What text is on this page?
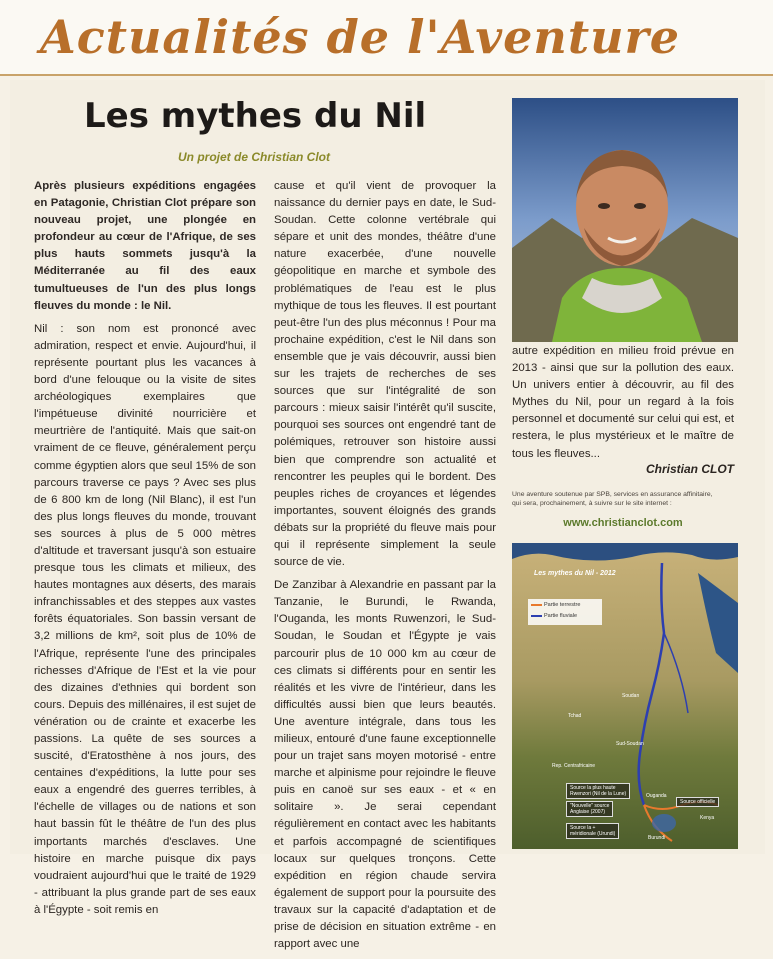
Actualités de l'Aventure
Les mythes du Nil
Un projet de Christian Clot

Après plusieurs expéditions engagées en Patagonie, Christian Clot prépare son nouveau projet, une plongée en profondeur au cœur de l'Afrique, de ses plus hauts sommets jusqu'à la Méditerranée au fil des eaux tumultueuses de l'un des plus longs fleuves du monde : le Nil.

Nil : son nom est prononcé avec admiration, respect et envie. Aujourd'hui, il représente pourtant plus les vacances à bord d'une felouque ou la visite de sites archéologiques exemplaires que l'impétueuse divinité nourricière et meurtrière de l'antiquité. Mais que sait-on vraiment de ce fleuve, généralement perçu comme égyptien alors que seul 15% de son parcours traverse ce pays ? Avec ses plus de 6 800 km de long (Nil Blanc), il est l'un des plus longs fleuves du monde, trouvant ses sources à plus de 5 000 mètres d'altitude et traversant jusqu'à son estuaire presque tous les climats et milieux, des hautes montagnes aux déserts, des marais infranchissables et des steppes aux vastes forêts équatoriales. Son bassin versant de 3,2 millions de km², soit plus de 10% de l'Afrique, représente l'une des principales richesses d'Afrique de l'Est et la vie pour des dizaines d'ethnies qui bordent son cours. Depuis des millénaires, il est sujet de vénération ou de crainte et exacerbe les passions. La quête de ses sources a suscité, d'Eratosthène à nos jours, des centaines d'expéditions, la lutte pour ses eaux a engendré des guerres terribles, à l'échelle de villages ou de nations et son haut bassin fût le théâtre de l'un des plus importants marchés d'esclaves. Une histoire en marche puisque dix pays voudraient aujourd'hui que le traité de 1929 - attribuant la plus grande part de ses eaux à l'Égypte - soit remis en

cause et qu'il vient de provoquer la naissance du dernier pays en date, le Sud-Soudan. Cette colonne vertébrale qui sépare et unit des mondes, théâtre d'une nature exacerbée, d'une nouvelle géopolitique en marche et symbole des problématiques de l'eau est le plus mythique de tous les fleuves. Il est pourtant peut-être l'un des plus méconnus ! Pour ma prochaine expédition, c'est le Nil dans son ensemble que je vais découvrir, aussi bien sur les trajets de recherches de ses sources que sur l'intégralité de son parcours : mieux saisir l'intérêt qu'il suscite, pourquoi ses sources ont engendré tant de polémiques, retrouver son histoire aussi bien que comprendre son actualité et rencontrer les peuples qui le bordent. Des peuples riches de croyances et légendes importantes, souvent éloignés des grands débats sur la propriété du fleuve mais pour qui il représente simplement la seule source de vie.

De Zanzibar à Alexandrie en passant par la Tanzanie, le Burundi, le Rwanda, l'Ouganda, les monts Ruwenzori, le Sud-Soudan, le Soudan et l'Égypte je vais parcourir plus de 10 000 km au cœur de ces climats si différents pour en sentir les réalités et les vivre de l'intérieur, dans les difficultés aussi bien que leurs beautés. Une aventure intégrale, dans tous les milieux, entouré d'une faune exceptionnelle pour un trajet sans moyen motorisé - entre marche et alpinisme pour rejoindre le fleuve puis en canoë sur ses eaux - et « en solitaire ». Je serai cependant régulièrement en contact avec les habitants et parfois accompagné de scientifiques locaux sur quelques tronçons. Cette expédition en région chaude servira également de support pour la poursuite des travaux sur la capacité d'adaptation et de prise de décision en situation extrême - en rapport avec une

autre expédition en milieu froid prévue en 2013 - ainsi que sur la pollution des eaux. Un univers entier à découvrir, au fil des Mythes du Nil, pour un regard à la fois personnel et documenté sur celui qui est, et restera, le plus mystérieux et le maître de tous les fleuves...

Christian CLOT
Une aventure soutenue par SPB, services en assurance affinitaire,
qui sera, prochainement, à suivre sur le site internet :
www.christianclot.com
Les mythes du Nil - 2012
Partie terrestre
Partie fluviale
Tchad
Soudan
Sud-Soudan
Rep. Centrafricaine
Kenya
Ouganda
Burundi
Source la plus haute
Rwenzori (Nil de la Lune)
"Nouvelle" source
Anglaise (2007)
Source la +
méridionale (Urundi)
Source officielle
